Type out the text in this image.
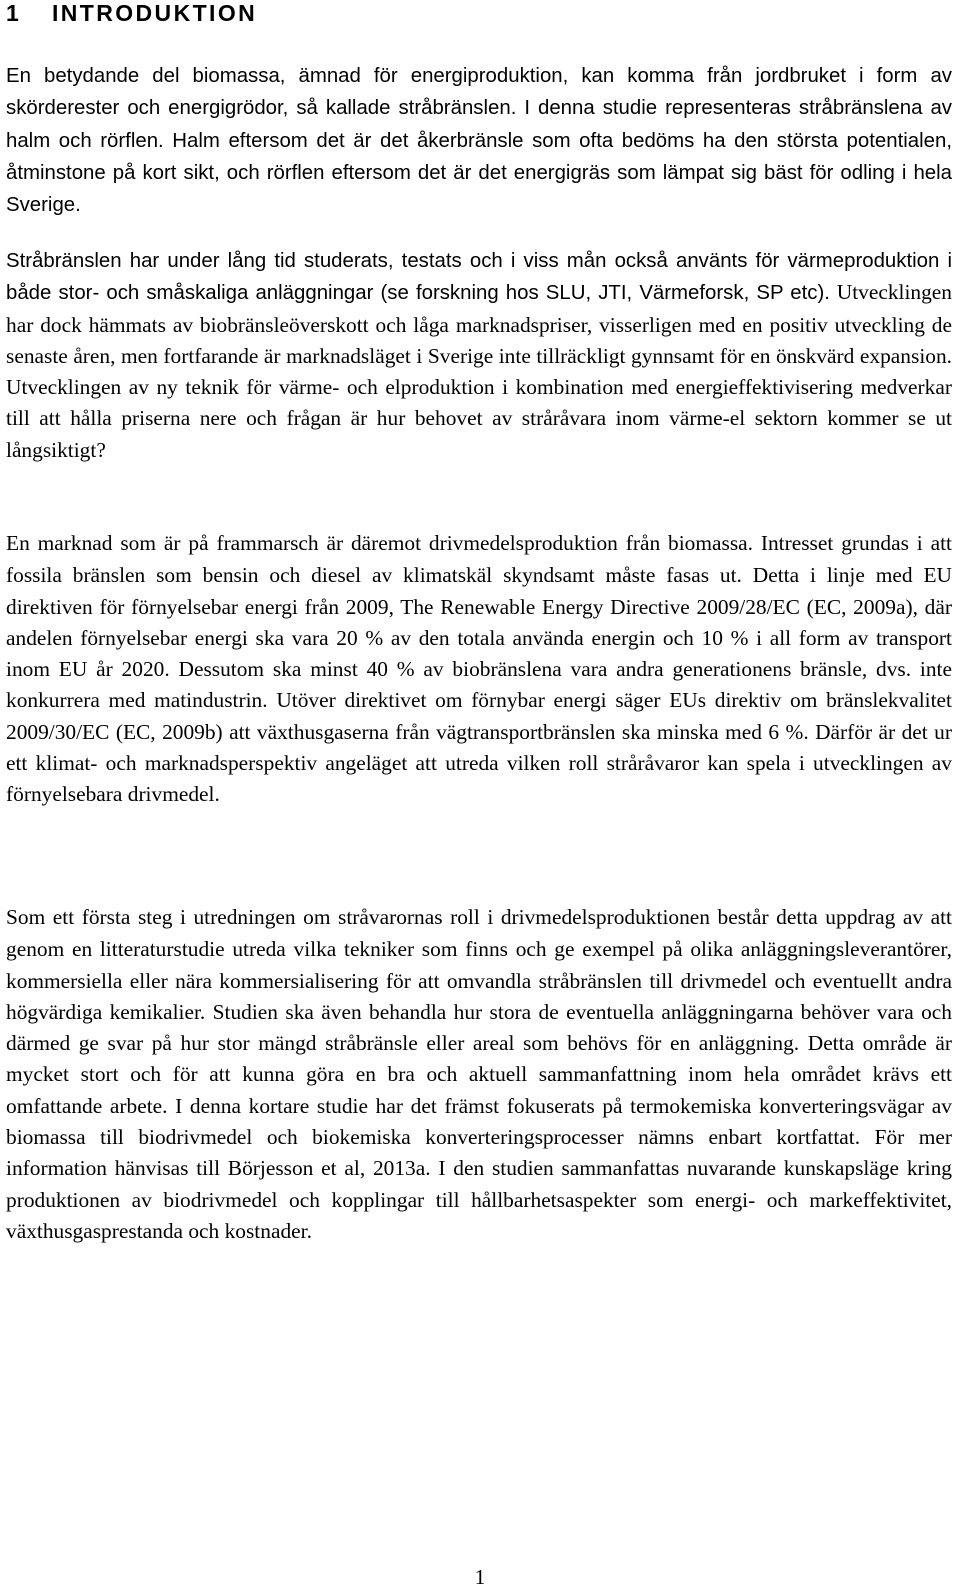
1 INTRODUKTION

En betydande del biomassa, ämnad för energiproduktion, kan komma från jordbruket i form av skörderester och energigrödor, så kallade stråbränslen. I denna studie representeras stråbränslena av halm och rörflen. Halm eftersom det är det åkerbränsle som ofta bedöms ha den största potentialen, åtminstone på kort sikt, och rörflen eftersom det är det energigräs som lämpat sig bäst för odling i hela Sverige.

Stråbränslen har under lång tid studerats, testats och i viss mån också använts för värmeproduktion i både stor- och småskaliga anläggningar (se forskning hos SLU, JTI, Värmeforsk, SP etc). Utvecklingen har dock hämmats av biobränsleöverskott och låga marknadspriser, visserligen med en positiv utveckling de senaste åren, men fortfarande är marknadsläget i Sverige inte tillräckligt gynnsamt för en önskvärd expansion. Utvecklingen av ny teknik för värme- och elproduktion i kombination med energieffektivisering medverkar till att hålla priserna nere och frågan är hur behovet av stråråvara inom värme-el sektorn kommer se ut långsiktigt?

En marknad som är på frammarsch är däremot drivmedelsproduktion från biomassa. Intresset grundas i att fossila bränslen som bensin och diesel av klimatskäl skyndsamt måste fasas ut. Detta i linje med EU direktiven för förnyelsebar energi från 2009, The Renewable Energy Directive 2009/28/EC (EC, 2009a), där andelen förnyelsebar energi ska vara 20 % av den totala använda energin och 10 % i all form av transport inom EU år 2020. Dessutom ska minst 40 % av biobränslena vara andra generationens bränsle, dvs. inte konkurrera med matindustrin. Utöver direktivet om förnybar energi säger EUs direktiv om bränslekvalitet 2009/30/EC (EC, 2009b) att växthusgaserna från vägtransportbränslen ska minska med 6 %. Därför är det ur ett klimat- och marknadsperspektiv angeläget att utreda vilken roll stråråvaror kan spela i utvecklingen av förnyelsebara drivmedel.

Som ett första steg i utredningen om stråvarornas roll i drivmedelsproduktionen består detta uppdrag av att genom en litteraturstudie utreda vilka tekniker som finns och ge exempel på olika anläggningsleverantörer, kommersiella eller nära kommersialisering för att omvandla stråbränslen till drivmedel och eventuellt andra högvärdiga kemikalier. Studien ska även behandla hur stora de eventuella anläggningarna behöver vara och därmed ge svar på hur stor mängd stråbränsle eller areal som behövs för en anläggning. Detta område är mycket stort och för att kunna göra en bra och aktuell sammanfattning inom hela området krävs ett omfattande arbete. I denna kortare studie har det främst fokuserats på termokemiska konverteringsvägar av biomassa till biodrivmedel och biokemiska konverteringsprocesser nämns enbart kortfattat. För mer information hänvisas till Börjesson et al, 2013a. I den studien sammanfattas nuvarande kunskapsläge kring produktionen av biodrivmedel och kopplingar till hållbarhetsaspekter som energi- och markeffektivitet, växthusgasprestanda och kostnader.

1
